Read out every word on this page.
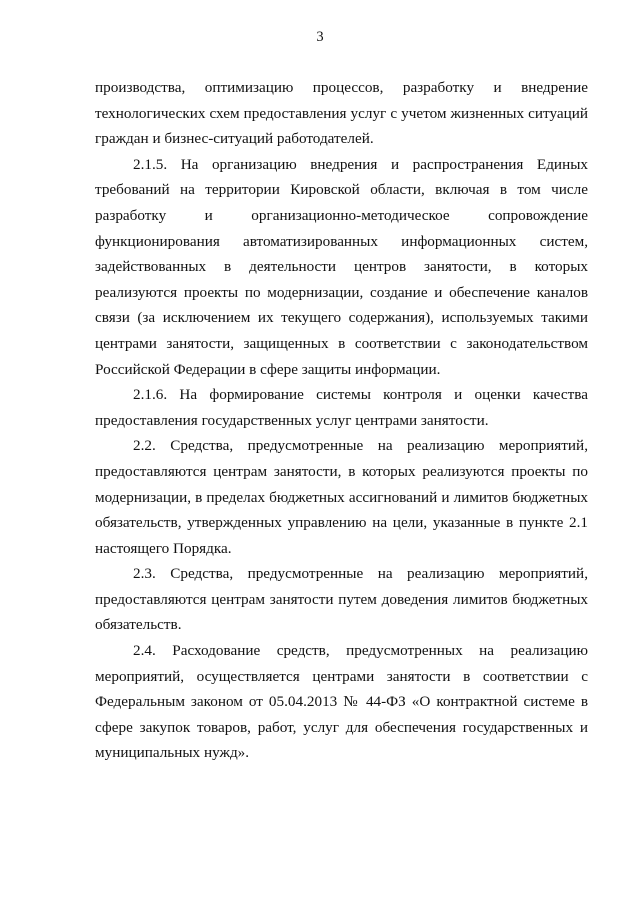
3

производства, оптимизацию процессов, разработку и внедрение технологических схем предоставления услуг с учетом жизненных ситуаций граждан и бизнес-ситуаций работодателей.

2.1.5. На организацию внедрения и распространения Единых требований на территории Кировской области, включая в том числе разработку и организационно-методическое сопровождение функционирования автоматизированных информационных систем, задействованных в деятельности центров занятости, в которых реализуются проекты по модернизации, создание и обеспечение каналов связи (за исключением их текущего содержания), используемых такими центрами занятости, защищенных в соответствии с законодательством Российской Федерации в сфере защиты информации.

2.1.6. На формирование системы контроля и оценки качества предоставления государственных услуг центрами занятости.

2.2. Средства, предусмотренные на реализацию мероприятий, предоставляются центрам занятости, в которых реализуются проекты по модернизации, в пределах бюджетных ассигнований и лимитов бюджетных обязательств, утвержденных управлению на цели, указанные в пункте 2.1 настоящего Порядка.

2.3. Средства, предусмотренные на реализацию мероприятий, предоставляются центрам занятости путем доведения лимитов бюджетных обязательств.

2.4. Расходование средств, предусмотренных на реализацию мероприятий, осуществляется центрами занятости в соответствии с Федеральным законом от 05.04.2013 № 44-ФЗ «О контрактной системе в сфере закупок товаров, работ, услуг для обеспечения государственных и муниципальных нужд».
